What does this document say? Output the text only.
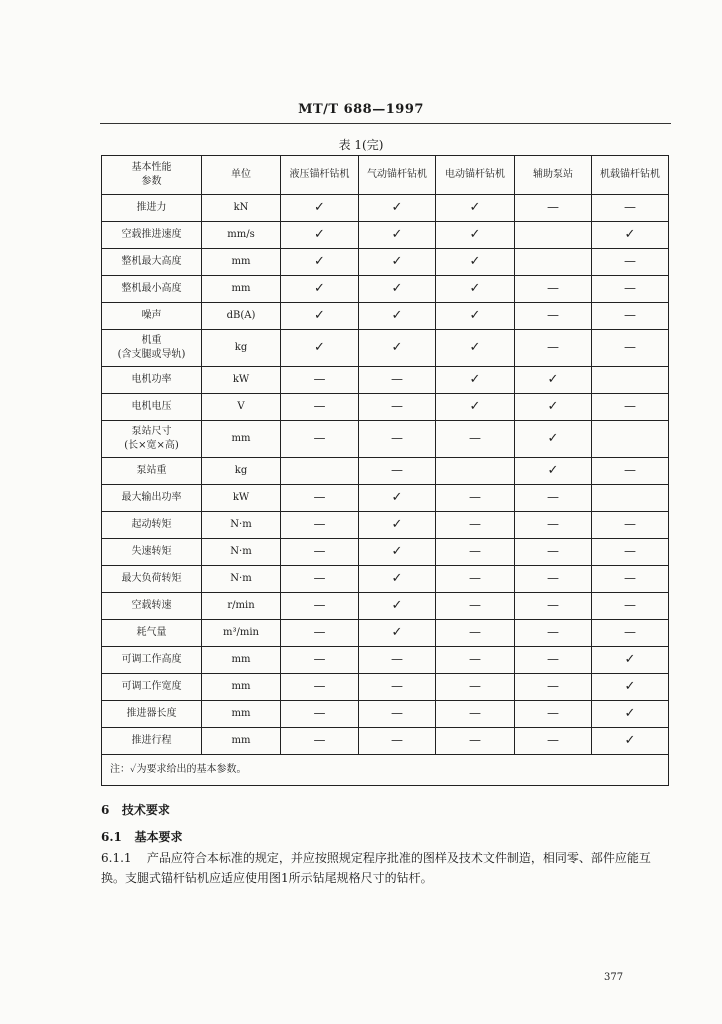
MT/T 688—1997
表 1(完)
基本性能
参数	单位	液压锚杆钻机	气动锚杆钻机	电动锚杆钻机	辅助泵站	机载锚杆钻机
推进力	kN	✓	✓	✓	—	—
空载推进速度	mm/s	✓	✓	✓		✓
整机最大高度	mm	✓	✓	✓		—
整机最小高度	mm	✓	✓	✓	—	—
噪声	dB(A)	✓	✓	✓	—	—
机重
(含支腿或导轨)	kg	✓	✓	✓	—	—
电机功率	kW	—	—	✓	✓	
电机电压	V	—	—	✓	✓	—
泵站尺寸
(长×宽×高)	mm	—	—	—	✓	
泵站重	kg		—		✓	—
最大输出功率	kW	—	✓	—	—	
起动转矩	N·m	—	✓	—	—	—
失速转矩	N·m	—	✓	—	—	—
最大负荷转矩	N·m	—	✓	—	—	—
空载转速	r/min	—	✓	—	—	—
耗气量	m³/min	—	✓	—	—	—
可调工作高度	mm	—	—	—	—	✓
可调工作宽度	mm	—	—	—	—	✓
推进器长度	mm	—	—	—	—	✓
推进行程	mm	—	—	—	—	✓
注：✓为要求给出的基本参数。						
6 技术要求
6.1 基本要求
6.1.1 产品应符合本标准的规定，并应按照规定程序批准的图样及技术文件制造，相同零、部件应能互换。支腿式锚杆钻机应适应使用图1所示钻尾规格尺寸的钻杆。
377
